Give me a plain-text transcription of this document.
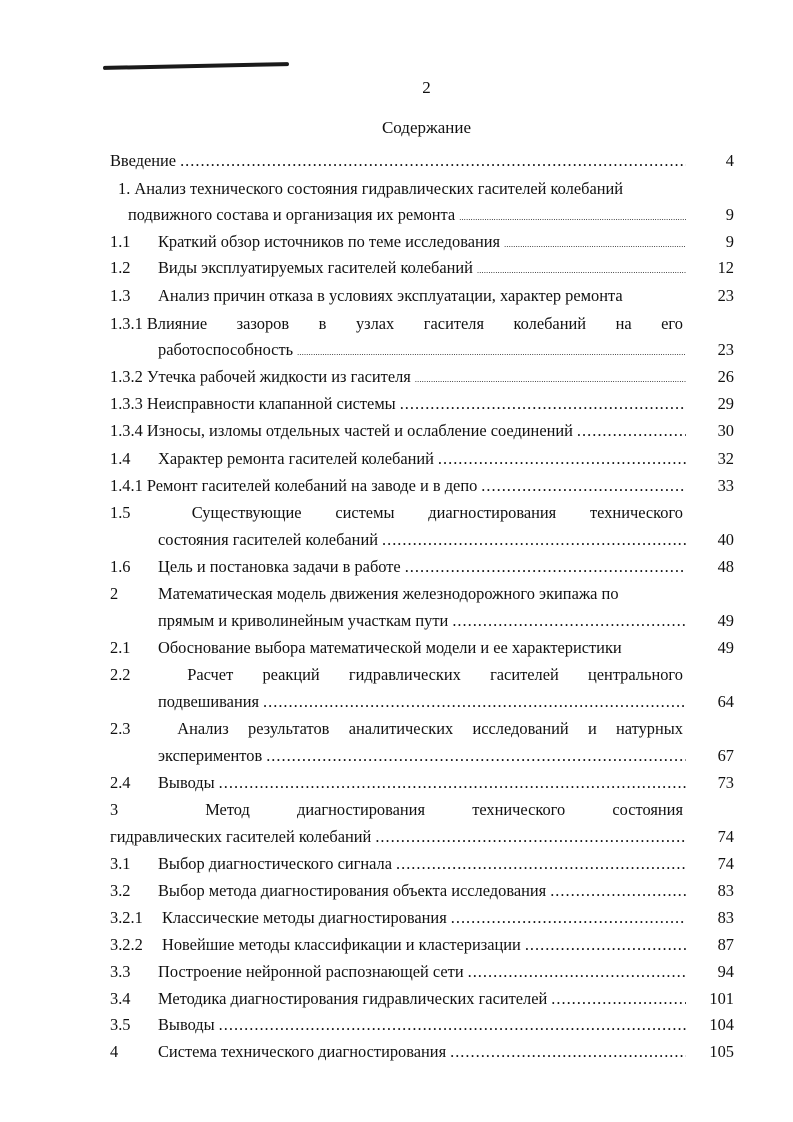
2
Содержание
Введение .....	4
1. Анализ технического состояния гидравлических гасителей колебаний
подвижного состава и организация их ремонта .....	9
1.1	Краткий обзор источников по теме исследования .....	9
1.2	Виды эксплуатируемых гасителей колебаний .....	12
1.3	Анализ причин отказа в условиях эксплуатации, характер ремонта	23
1.3.1 Влияние зазоров в узлах гасителя колебаний на его
работоспособность .....	23
1.3.2 Утечка рабочей жидкости из гасителя .....	26
1.3.3 Неисправности клапанной системы .....	29
1.3.4 Износы, изломы отдельных частей и ослабление соединений .....	30
1.4	Характер ремонта гасителей колебаний .....	32
1.4.1 Ремонт гасителей колебаний на заводе и в депо .....	33
1.5	Существующие системы диагностирования технического
состояния гасителей колебаний .....	40
1.6	Цель и постановка задачи в работе .....	48
2	Математическая модель движения железнодорожного экипажа по
прямым и криволинейным участкам пути .....	49
2.1	Обоснование выбора математической модели и ее характеристики	49
2.2	Расчет реакций гидравлических гасителей центрального
подвешивания .....	64
2.3	Анализ результатов аналитических исследований и натурных
экспериментов .....	67
2.4	Выводы .....	73
3	Метод	диагностирования	технического	состояния
гидравлических гасителей колебаний .....	74
3.1	Выбор диагностического сигнала .....	74
3.2	Выбор метода диагностирования объекта исследования .....	83
3.2.1	Классические методы диагностирования .....	83
3.2.2	Новейшие методы классификации и кластеризации .....	87
3.3	Построение нейронной распознающей сети .....	94
3.4	Методика диагностирования гидравлических гасителей .....	101
3.5	Выводы .....	104
4	Система технического диагностирования .....	105
